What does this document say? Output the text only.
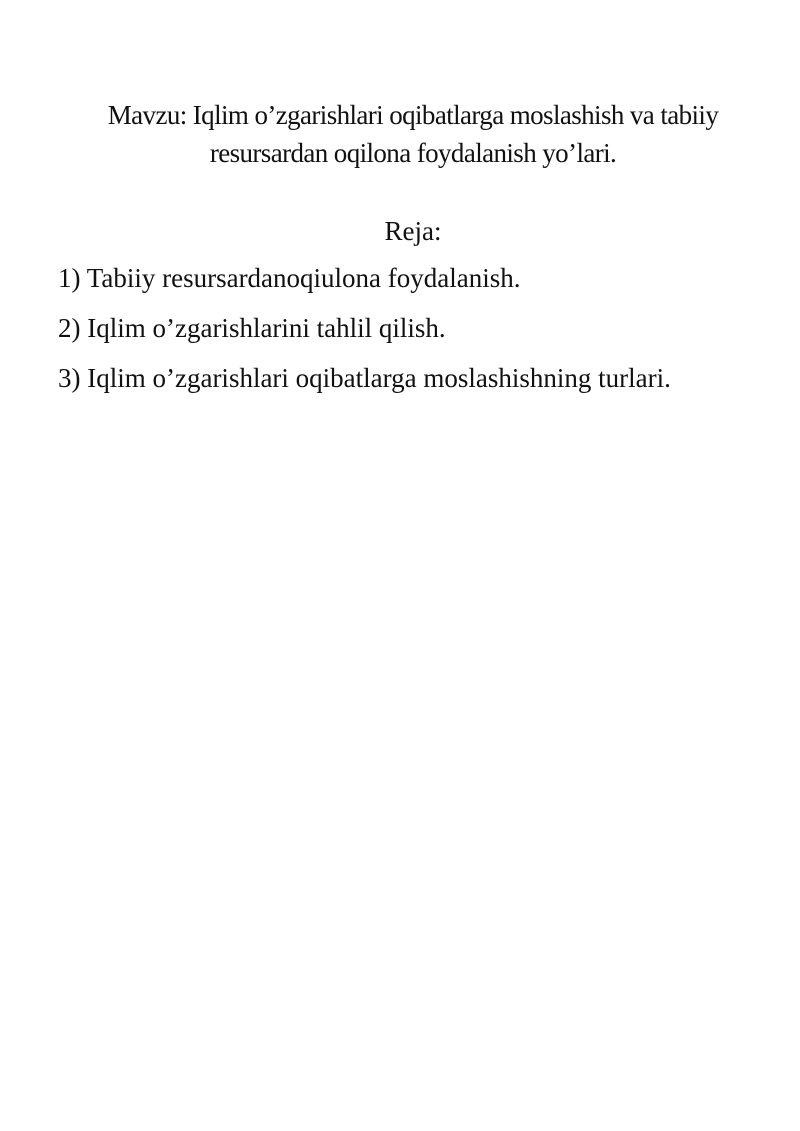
Mavzu: Iqlim o’zgarishlari oqibatlarga moslashish va tabiiy
resursardan oqilona foydalanish yo’lari.
Reja:
1) Tabiiy resursardanoqiulona foydalanish.
2) Iqlim o’zgarishlarini tahlil qilish.
3) Iqlim o’zgarishlari oqibatlarga moslashishning turlari.
